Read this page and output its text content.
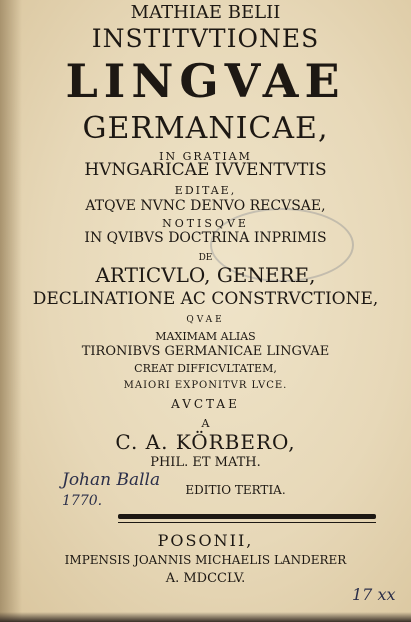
MATHIAE BELII
INSTITVTIONES
LINGVAE
GERMANICAE,
IN GRATIAM
HVNGARICAE IVVENTVTIS
EDITAE,
ATQVE NVNC DENVO RECVSAE,
NOTISQVE
IN QVIBVS DOCTRINA INPRIMIS
DE
ARTICVLO, GENERE,
DECLINATIONE AC CONSTRVCTIONE,
QVAE
MAXIMAM ALIAS
TIRONIBVS GERMANICAE LINGVAE
CREAT DIFFICVLTATEM,
MAIORI EXPONITVR LVCE.
AVCTAE
A
C. A. KÖRBERO,
PHIL. ET MATH.
EDITIO TERTIA.
POSONII,
IMPENSIS JOANNIS MICHAELIS LANDERER
A. MDCCLV.
Johan Balla
1770.
17 xx
